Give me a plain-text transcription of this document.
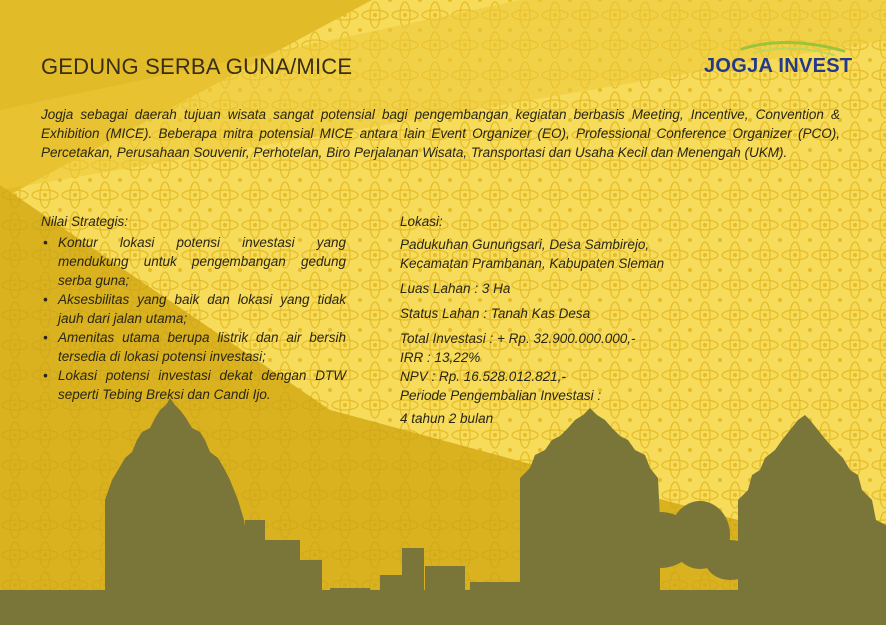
GEDUNG SERBA GUNA/MICE	JOGJA INVEST

Jogja sebagai daerah tujuan wisata sangat potensial bagi pengembangan kegiatan berbasis Meeting, Incentive, Convention & Exhibition (MICE). Beberapa mitra potensial MICE antara lain Event Organizer (EO), Professional Conference Organizer (PCO), Percetakan, Perusahaan Souvenir, Perhotelan, Biro Perjalanan Wisata, Transportasi dan Usaha Kecil dan Menengah (UKM).

Nilai Strategis:
• Kontur lokasi potensi investasi yang mendukung untuk pengembangan gedung serba guna;
• Aksesbilitas yang baik dan lokasi yang tidak jauh dari jalan utama;
• Amenitas utama berupa listrik dan air bersih tersedia di lokasi potensi investasi;
• Lokasi potensi investasi dekat dengan DTW seperti Tebing Breksi dan Candi Ijo.
Lokasi:
Padukuhan Gunungsari, Desa Sambirejo,
Kecamatan Prambanan, Kabupaten Sleman
Luas Lahan : 3 Ha
Status Lahan : Tanah Kas Desa
Total Investasi : + Rp. 32.900.000.000,-
IRR : 13,22%
NPV : Rp. 16.528.012.821,-
Periode Pengembalian Investasi :
4 tahun 2 bulan
